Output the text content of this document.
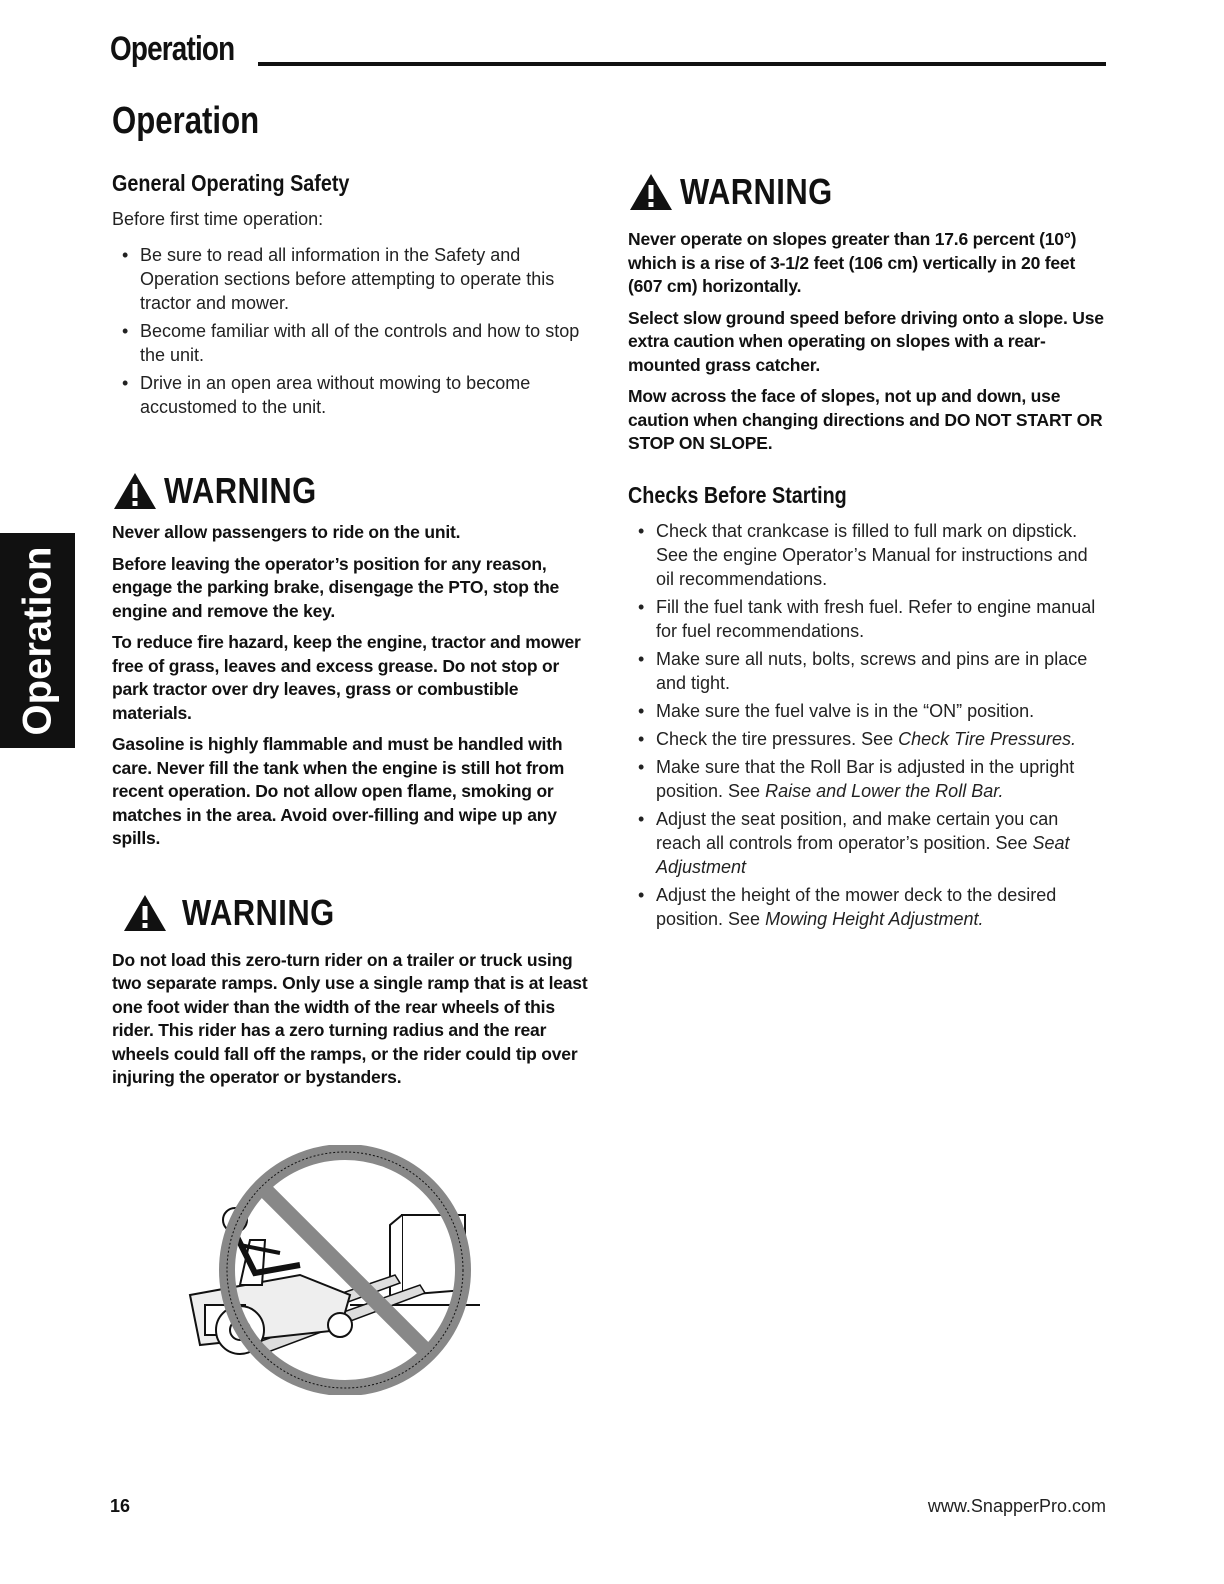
Operation
Operation
Operation
General Operating Safety

Before first time operation:

• Be sure to read all information in the Safety and Operation sections before attempting to operate this tractor and mower.
• Become familiar with all of the controls and how to stop the unit.
• Drive in an open area without mowing to become accustomed to the unit.
WARNING

Never allow passengers to ride on the unit.

Before leaving the operator’s position for any reason, engage the parking brake, disengage the PTO, stop the engine and remove the key.

To reduce fire hazard, keep the engine, tractor and mower free of grass, leaves and excess grease. Do not stop or park tractor over dry leaves, grass or combustible materials.

Gasoline is highly flammable and must be handled with care. Never fill the tank when the engine is still hot from recent operation. Do not allow open flame, smoking or matches in the area. Avoid over-filling and wipe up any spills.

WARNING

Do not load this zero-turn rider on a trailer or truck using two separate ramps. Only use a single ramp that is at least one foot wider than the width of the rear wheels of this rider. This rider has a zero turning radius and the rear wheels could fall off the ramps, or the rider could tip over injuring the operator or bystanders.

WARNING

Never operate on slopes greater than 17.6 percent (10°) which is a rise of 3-1/2 feet (106 cm) vertically in 20 feet (607 cm) horizontally.

Select slow ground speed before driving onto a slope. Use extra caution when operating on slopes with a rear-mounted grass catcher.

Mow across the face of slopes, not up and down, use caution when changing directions and DO NOT START OR STOP ON SLOPE.

Checks Before Starting
• Check that crankcase is filled to full mark on dipstick. See the engine Operator’s Manual for instructions and oil recommendations.
• Fill the fuel tank with fresh fuel. Refer to engine manual for fuel recommendations.
• Make sure all nuts, bolts, screws and pins are in place and tight.
• Make sure the fuel valve is in the “ON” position.
• Check the tire pressures. See Check Tire Pressures.
• Make sure that the Roll Bar is adjusted in the upright position. See Raise and Lower the Roll Bar.
• Adjust the seat position, and make certain you can reach all controls from operator’s position. See Seat Adjustment
• Adjust the height of the mower deck to the desired position. See Mowing Height Adjustment.
16	www.SnapperPro.com
